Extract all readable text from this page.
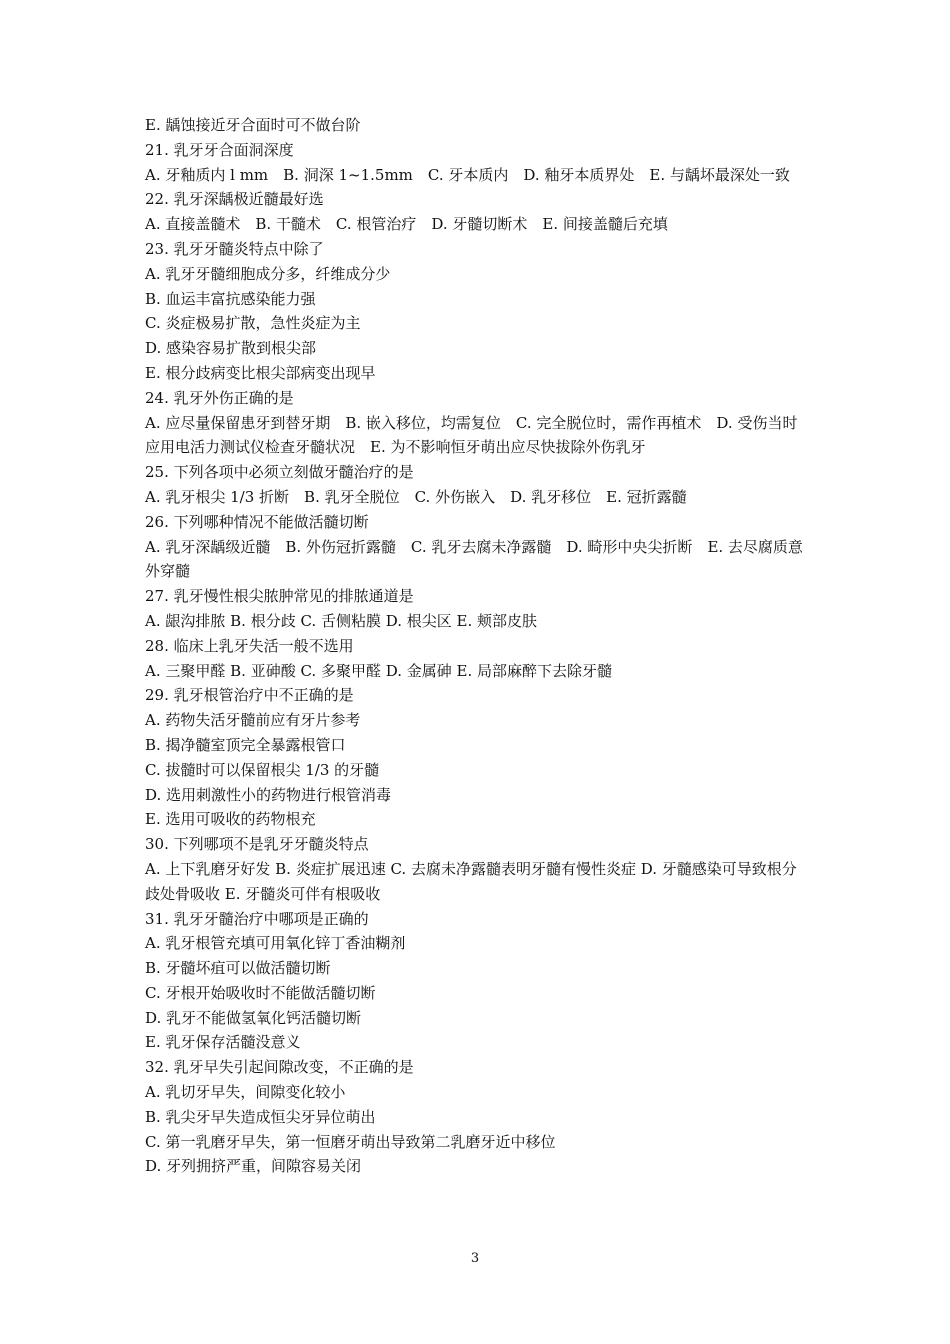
E. 龋蚀接近牙合面时可不做台阶
21. 乳牙牙合面洞深度
A. 牙釉质内 l mm　B. 洞深 1~1.5mm　C. 牙本质内　D. 釉牙本质界处　E. 与龋坏最深处一致
22. 乳牙深龋极近髓最好选
A. 直接盖髓术　B. 干髓术　C. 根管治疗　D. 牙髓切断术　E. 间接盖髓后充填
23. 乳牙牙髓炎特点中除了
A. 乳牙牙髓细胞成分多，纤维成分少
B. 血运丰富抗感染能力强
C. 炎症极易扩散，急性炎症为主
D. 感染容易扩散到根尖部
E. 根分歧病变比根尖部病变出现早
24. 乳牙外伤正确的是
A. 应尽量保留患牙到替牙期　B. 嵌入移位，均需复位　C. 完全脱位时，需作再植术　D. 受伤当时应用电活力测试仪检查牙髓状况　E. 为不影响恒牙萌出应尽快拔除外伤乳牙
25. 下列各项中必须立刻做牙髓治疗的是
A. 乳牙根尖 1/3 折断　B. 乳牙全脱位　C. 外伤嵌入　D. 乳牙移位　E. 冠折露髓
26. 下列哪种情况不能做活髓切断
A. 乳牙深龋级近髓　B. 外伤冠折露髓　C. 乳牙去腐未净露髓　D. 畸形中央尖折断　E. 去尽腐质意外穿髓
27. 乳牙慢性根尖脓肿常见的排脓通道是
A. 龈沟排脓 B. 根分歧 C. 舌侧粘膜 D. 根尖区 E. 颊部皮肤
28. 临床上乳牙失活一般不选用
A. 三聚甲醛 B. 亚砷酸 C. 多聚甲醛 D. 金属砷 E. 局部麻醉下去除牙髓
29. 乳牙根管治疗中不正确的是
A. 药物失活牙髓前应有牙片参考
B. 揭净髓室顶完全暴露根管口
C. 拔髓时可以保留根尖 1/3 的牙髓
D. 选用刺激性小的药物进行根管消毒
E. 选用可吸收的药物根充
30. 下列哪项不是乳牙牙髓炎特点
A. 上下乳磨牙好发 B. 炎症扩展迅速 C. 去腐未净露髓表明牙髓有慢性炎症 D. 牙髓感染可导致根分歧处骨吸收 E. 牙髓炎可伴有根吸收
31. 乳牙牙髓治疗中哪项是正确的
A. 乳牙根管充填可用氧化锌丁香油糊剂
B. 牙髓坏疽可以做活髓切断
C. 牙根开始吸收时不能做活髓切断
D. 乳牙不能做氢氧化钙活髓切断
E. 乳牙保存活髓没意义
32. 乳牙早失引起间隙改变，不正确的是
A. 乳切牙早失，间隙变化较小
B. 乳尖牙早失造成恒尖牙异位萌出
C. 第一乳磨牙早失，第一恒磨牙萌出导致第二乳磨牙近中移位
D. 牙列拥挤严重，间隙容易关闭
3
